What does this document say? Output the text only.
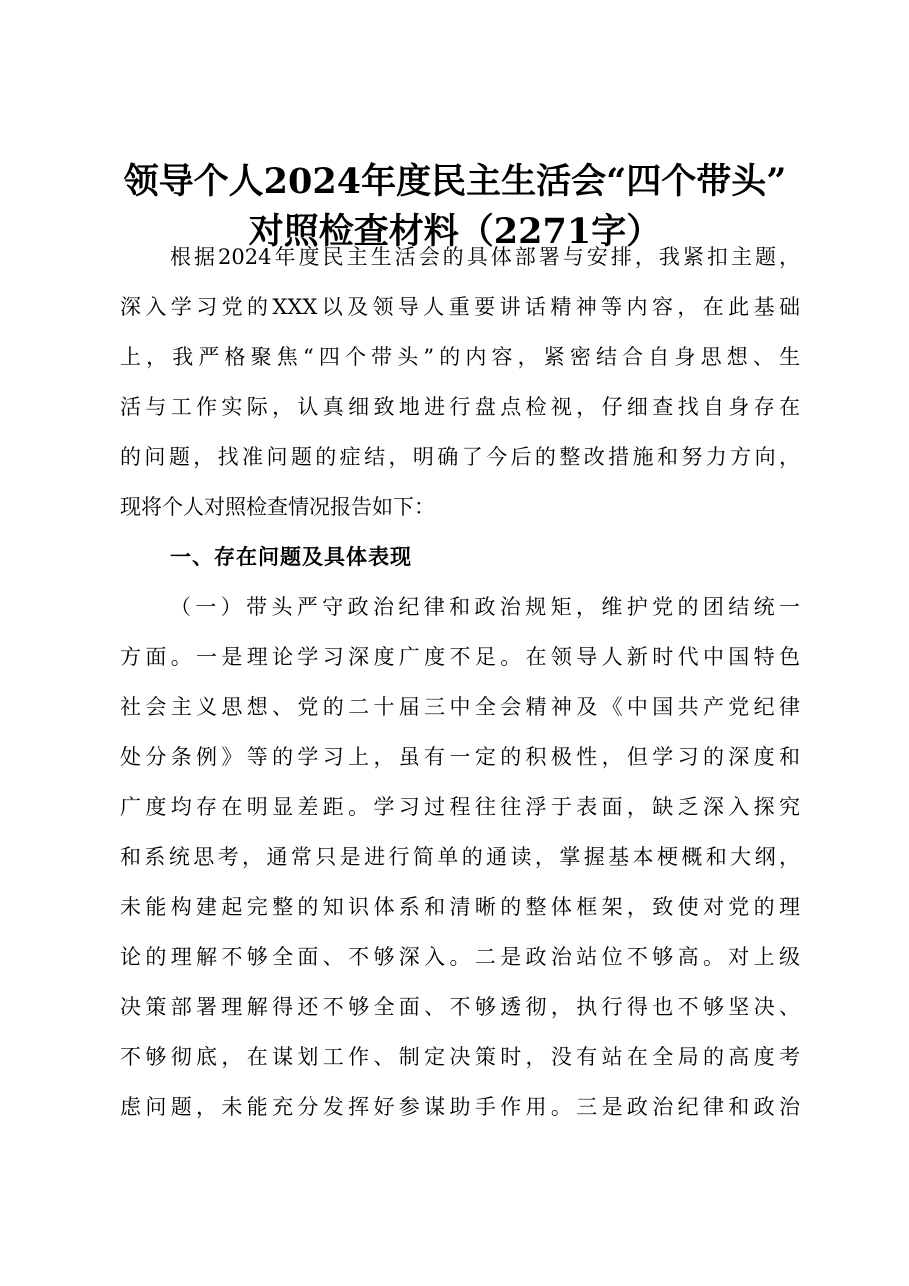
领导个人2024年度民主生活会“四个带头”
对照检查材料（2271字）
根据2024年度民主生活会的具体部署与安排，我紧扣主题，
深入学习党的XXX以及领导人重要讲话精神等内容，在此基础
上，我严格聚焦“四个带头”的内容，紧密结合自身思想、生
活与工作实际，认真细致地进行盘点检视，仔细查找自身存在
的问题，找准问题的症结，明确了今后的整改措施和努力方向，
现将个人对照检查情况报告如下：
一、存在问题及具体表现
（一）带头严守政治纪律和政治规矩，维护党的团结统一
方面。一是理论学习深度广度不足。在领导人新时代中国特色
社会主义思想、党的二十届三中全会精神及《中国共产党纪律
处分条例》等的学习上，虽有一定的积极性，但学习的深度和
广度均存在明显差距。学习过程往往浮于表面，缺乏深入探究
和系统思考，通常只是进行简单的通读，掌握基本梗概和大纲，
未能构建起完整的知识体系和清晰的整体框架，致使对党的理
论的理解不够全面、不够深入。二是政治站位不够高。对上级
决策部署理解得还不够全面、不够透彻，执行得也不够坚决、
不够彻底，在谋划工作、制定决策时，没有站在全局的高度考
虑问题，未能充分发挥好参谋助手作用。三是政治纪律和政治
